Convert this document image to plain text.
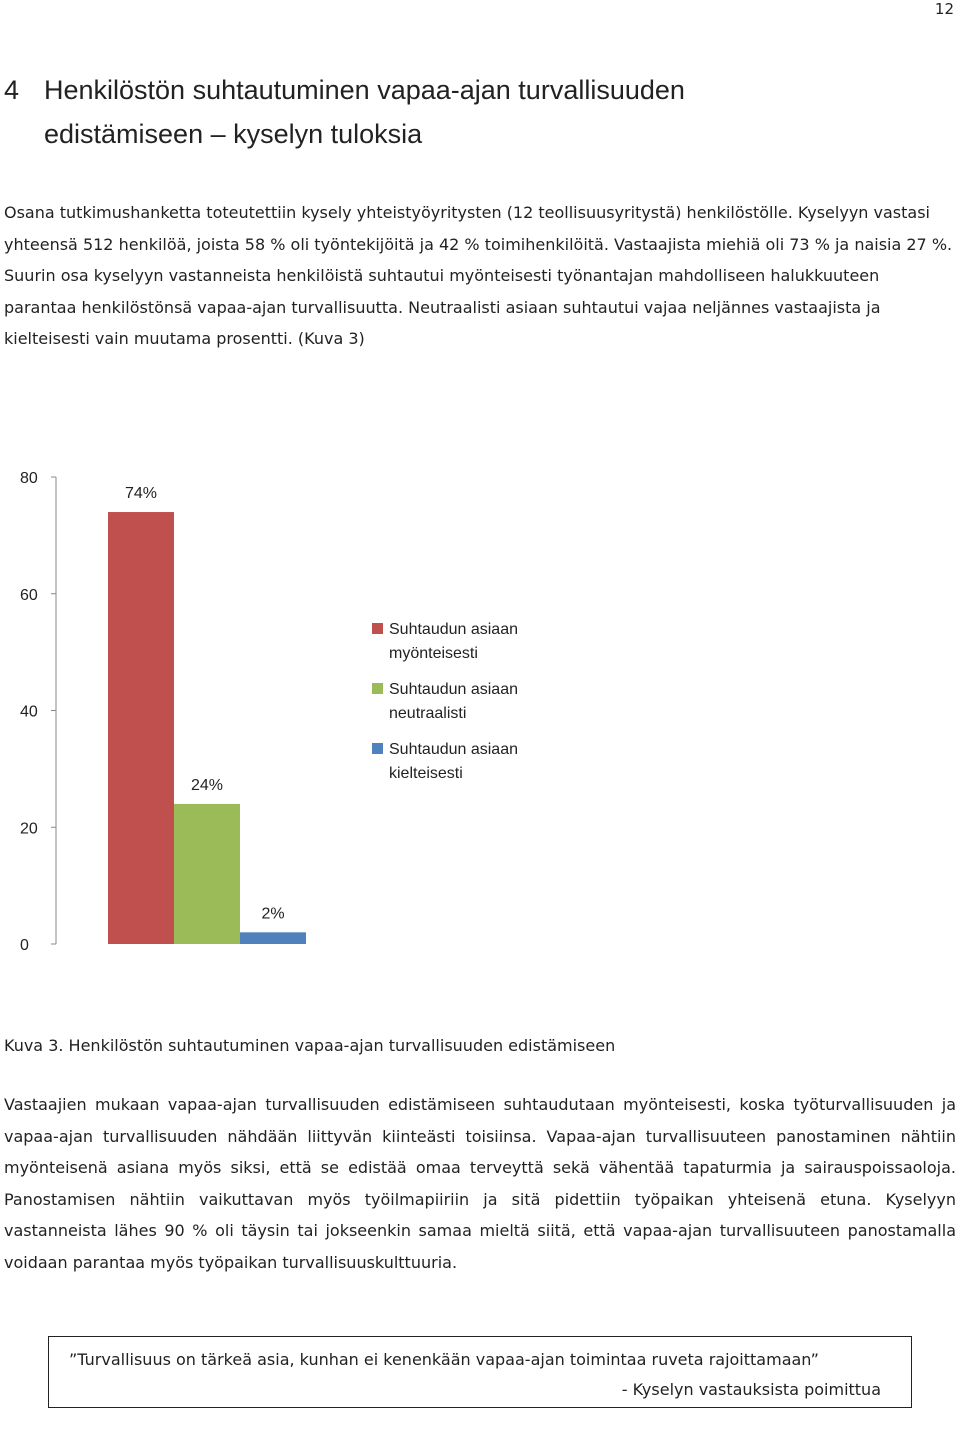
12
4 Henkilöstön suhtautuminen vapaa-ajan turvallisuuden
edistämiseen – kyselyn tuloksia

Osana tutkimushanketta toteutettiin kysely yhteistyöyritysten (12 teollisuusyritystä) henkilöstölle. Kyselyyn vastasi yhteensä 512 henkilöä, joista 58 % oli työntekijöitä ja 42 % toimihenkilöitä. Vastaajista miehiä oli 73 % ja naisia 27 %. Suurin osa kyselyyn vastanneista henkilöistä suhtautui myönteisesti työnantajan mahdolliseen halukkuuteen parantaa henkilöstönsä vapaa-ajan turvallisuutta. Neutraalisti asiaan suhtautui vajaa neljännes vastaajista ja kielteisesti vain muutama prosentti. (Kuva 3)

0
20
40
60
80
74%
24%
2%
Suhtaudun asiaan
myönteisesti
Suhtaudun asiaan
neutraalisti
Suhtaudun asiaan
kielteisesti

Kuva 3. Henkilöstön suhtautuminen vapaa-ajan turvallisuuden edistämiseen

Vastaajien mukaan vapaa-ajan turvallisuuden edistämiseen suhtaudutaan myönteisesti, koska työturvallisuuden ja vapaa-ajan turvallisuuden nähdään liittyvän kiinteästi toisiinsa. Vapaa-ajan turvallisuuteen panostaminen nähtiin myönteisenä asiana myös siksi, että se edistää omaa terveyttä sekä vähentää tapaturmia ja sairauspoissaoloja. Panostamisen nähtiin vaikuttavan myös työilmapiiriin ja sitä pidettiin työpaikan yhteisenä etuna. Kyselyyn vastanneista lähes 90 % oli täysin tai jokseenkin samaa mieltä siitä, että vapaa-ajan turvallisuuteen panostamalla voidaan parantaa myös työpaikan turvallisuuskulttuuria.

”Turvallisuus on tärkeä asia, kunhan ei kenenkään vapaa-ajan toimintaa ruveta rajoittamaan”
- Kyselyn vastauksista poimittua
